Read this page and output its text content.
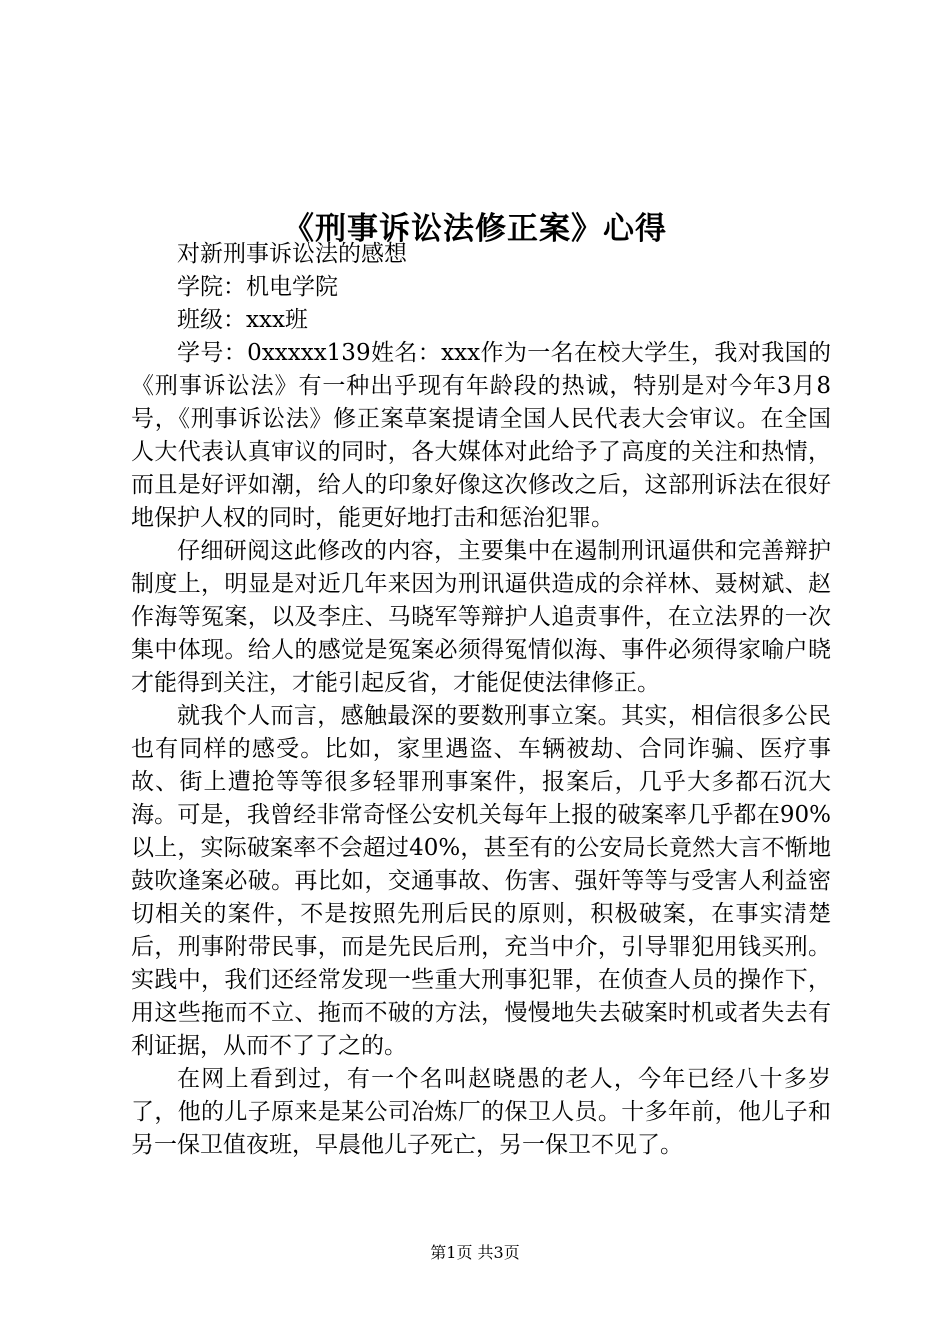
《刑事诉讼法修正案》心得

对新刑事诉讼法的感想

学院：机电学院

班级：xxx班

学号：0xxxxx139姓名：xxx作为一名在校大学生，我对我国的《刑事诉讼法》有一种出乎现有年龄段的热诚，特别是对今年3月8号，《刑事诉讼法》修正案草案提请全国人民代表大会审议。在全国人大代表认真审议的同时，各大媒体对此给予了高度的关注和热情，而且是好评如潮，给人的印象好像这次修改之后，这部刑诉法在很好地保护人权的同时，能更好地打击和惩治犯罪。

仔细研阅这此修改的内容，主要集中在遏制刑讯逼供和完善辩护制度上，明显是对近几年来因为刑讯逼供造成的佘祥林、聂树斌、赵作海等冤案，以及李庄、马晓军等辩护人追责事件，在立法界的一次集中体现。给人的感觉是冤案必须得冤情似海、事件必须得家喻户晓才能得到关注，才能引起反省，才能促使法律修正。

就我个人而言，感触最深的要数刑事立案。其实，相信很多公民也有同样的感受。比如，家里遇盗、车辆被劫、合同诈骗、医疗事故、街上遭抢等等很多轻罪刑事案件，报案后，几乎大多都石沉大海。可是，我曾经非常奇怪公安机关每年上报的破案率几乎都在90%以上，实际破案率不会超过40%，甚至有的公安局长竟然大言不惭地鼓吹逢案必破。再比如，交通事故、伤害、强奸等等与受害人利益密切相关的案件，不是按照先刑后民的原则，积极破案，在事实清楚后，刑事附带民事，而是先民后刑，充当中介，引导罪犯用钱买刑。实践中，我们还经常发现一些重大刑事犯罪，在侦查人员的操作下，用这些拖而不立、拖而不破的方法，慢慢地失去破案时机或者失去有利证据，从而不了了之的。

在网上看到过，有一个名叫赵晓愚的老人，今年已经八十多岁了，他的儿子原来是某公司冶炼厂的保卫人员。十多年前，他儿子和另一保卫值夜班，早晨他儿子死亡，另一保卫不见了。

第1页 共3页
